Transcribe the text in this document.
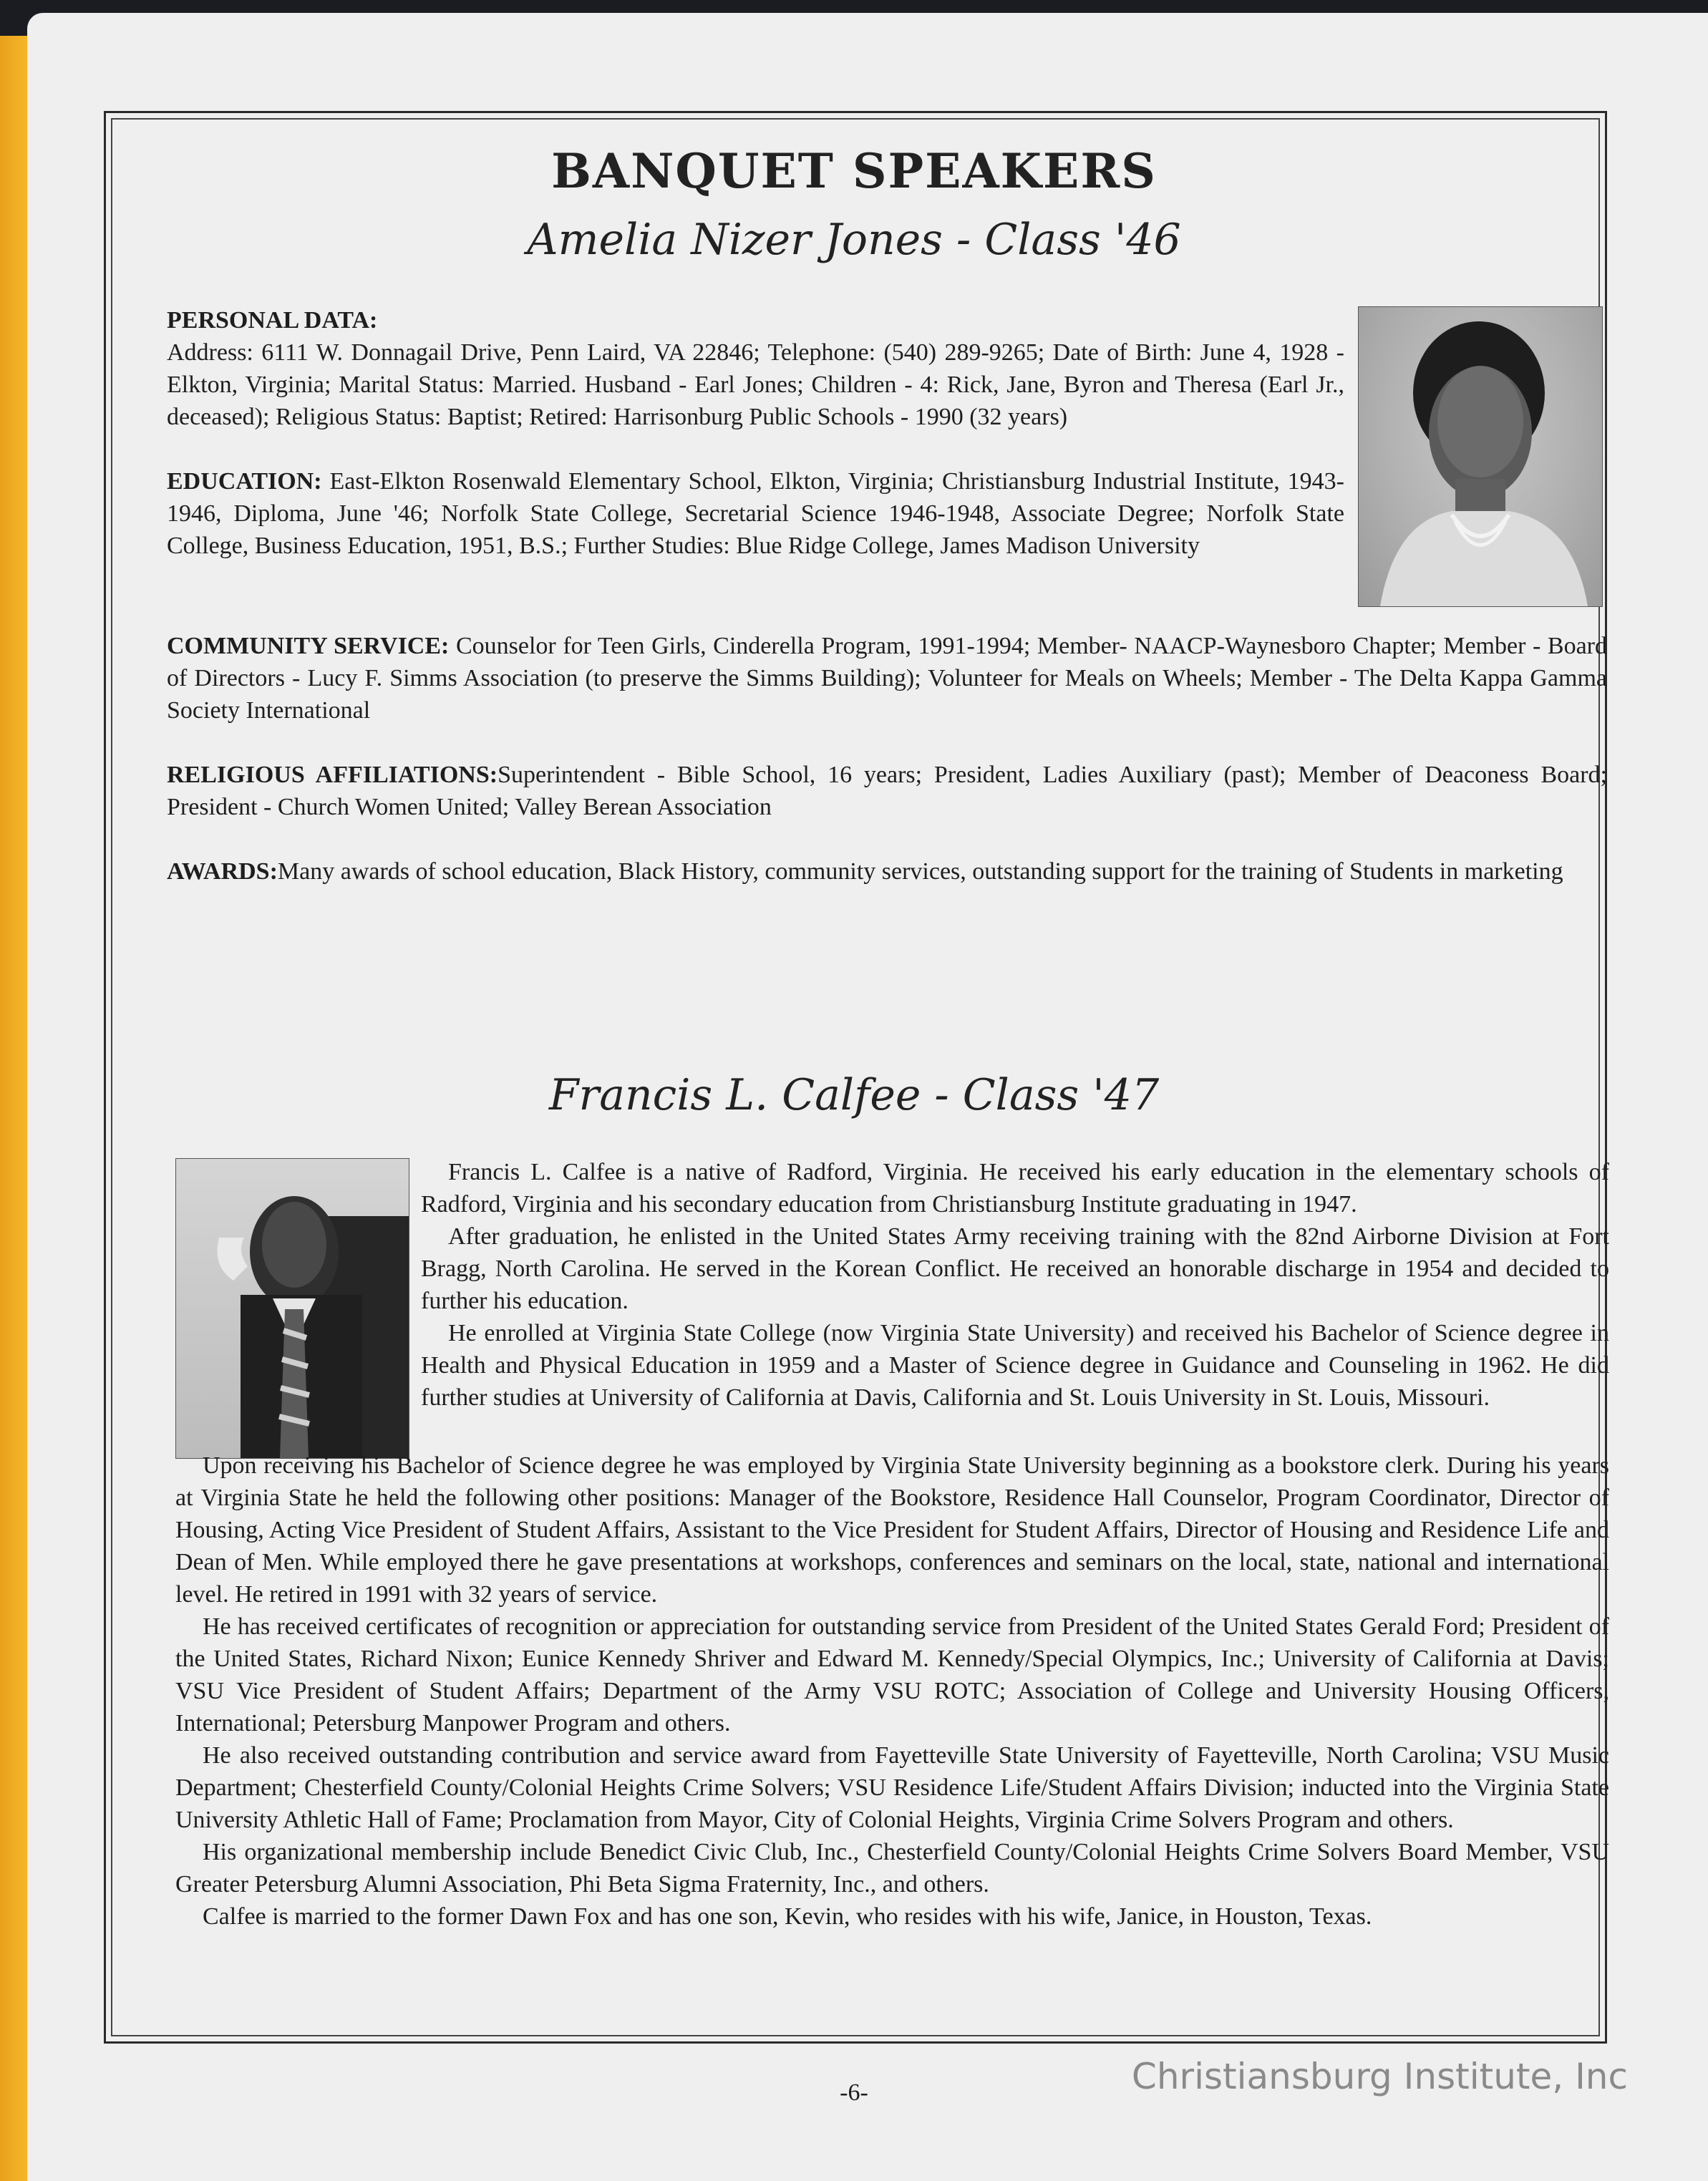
BANQUET SPEAKERS
Amelia Nizer Jones - Class '46
PERSONAL DATA:
Address: 6111 W. Donnagail Drive, Penn Laird, VA 22846; Telephone: (540) 289-9265; Date of Birth: June 4, 1928 - Elkton, Virginia; Marital Status: Married. Husband - Earl Jones; Children - 4: Rick, Jane, Byron and Theresa (Earl Jr., deceased); Religious Status: Baptist; Retired: Harrisonburg Public Schools - 1990 (32 years)
EDUCATION: East-Elkton Rosenwald Elementary School, Elkton, Virginia; Christiansburg Industrial Institute, 1943-1946, Diploma, June '46; Norfolk State College, Secretarial Science 1946-1948, Associate Degree; Norfolk State College, Business Education, 1951, B.S.; Further Studies: Blue Ridge College, James Madison University
COMMUNITY SERVICE: Counselor for Teen Girls, Cinderella Program, 1991-1994; Member- NAACP-Waynesboro Chapter; Member - Board of Directors - Lucy F. Simms Association (to preserve the Simms Building); Volunteer for Meals on Wheels; Member - The Delta Kappa Gamma Society International
RELIGIOUS AFFILIATIONS:Superintendent - Bible School, 16 years; President, Ladies Auxiliary (past); Member of Deaconess Board; President - Church Women United; Valley Berean Association
AWARDS:Many awards of school education, Black History, community services, outstanding support for the training of Students in marketing
Francis L. Calfee - Class '47

Francis L. Calfee is a native of Radford, Virginia. He received his early education in the elementary schools of Radford, Virginia and his secondary education from Christiansburg Institute graduating in 1947.

After graduation, he enlisted in the United States Army receiving training with the 82nd Airborne Division at Fort Bragg, North Carolina. He served in the Korean Conflict. He received an honorable discharge in 1954 and decided to further his education.

He enrolled at Virginia State College (now Virginia State University) and received his Bachelor of Science degree in Health and Physical Education in 1959 and a Master of Science degree in Guidance and Counseling in 1962. He did further studies at University of California at Davis, California and St. Louis University in St. Louis, Missouri.

Upon receiving his Bachelor of Science degree he was employed by Virginia State University beginning as a bookstore clerk. During his years at Virginia State he held the following other positions: Manager of the Bookstore, Residence Hall Counselor, Program Coordinator, Director of Housing, Acting Vice President of Student Affairs, Assistant to the Vice President for Student Affairs, Director of Housing and Residence Life and Dean of Men. While employed there he gave presentations at workshops, conferences and seminars on the local, state, national and international level. He retired in 1991 with 32 years of service.

He has received certificates of recognition or appreciation for outstanding service from President of the United States Gerald Ford; President of the United States, Richard Nixon; Eunice Kennedy Shriver and Edward M. Kennedy/Special Olympics, Inc.; University of California at Davis; VSU Vice President of Student Affairs; Department of the Army VSU ROTC; Association of College and University Housing Officers, International; Petersburg Manpower Program and others.

He also received outstanding contribution and service award from Fayetteville State University of Fayetteville, North Carolina; VSU Music Department; Chesterfield County/Colonial Heights Crime Solvers; VSU Residence Life/Student Affairs Division; inducted into the Virginia State University Athletic Hall of Fame; Proclamation from Mayor, City of Colonial Heights, Virginia Crime Solvers Program and others.

His organizational membership include Benedict Civic Club, Inc., Chesterfield County/Colonial Heights Crime Solvers Board Member, VSU Greater Petersburg Alumni Association, Phi Beta Sigma Fraternity, Inc., and others.

Calfee is married to the former Dawn Fox and has one son, Kevin, who resides with his wife, Janice, in Houston, Texas.

-6-	Christiansburg Institute, Inc
